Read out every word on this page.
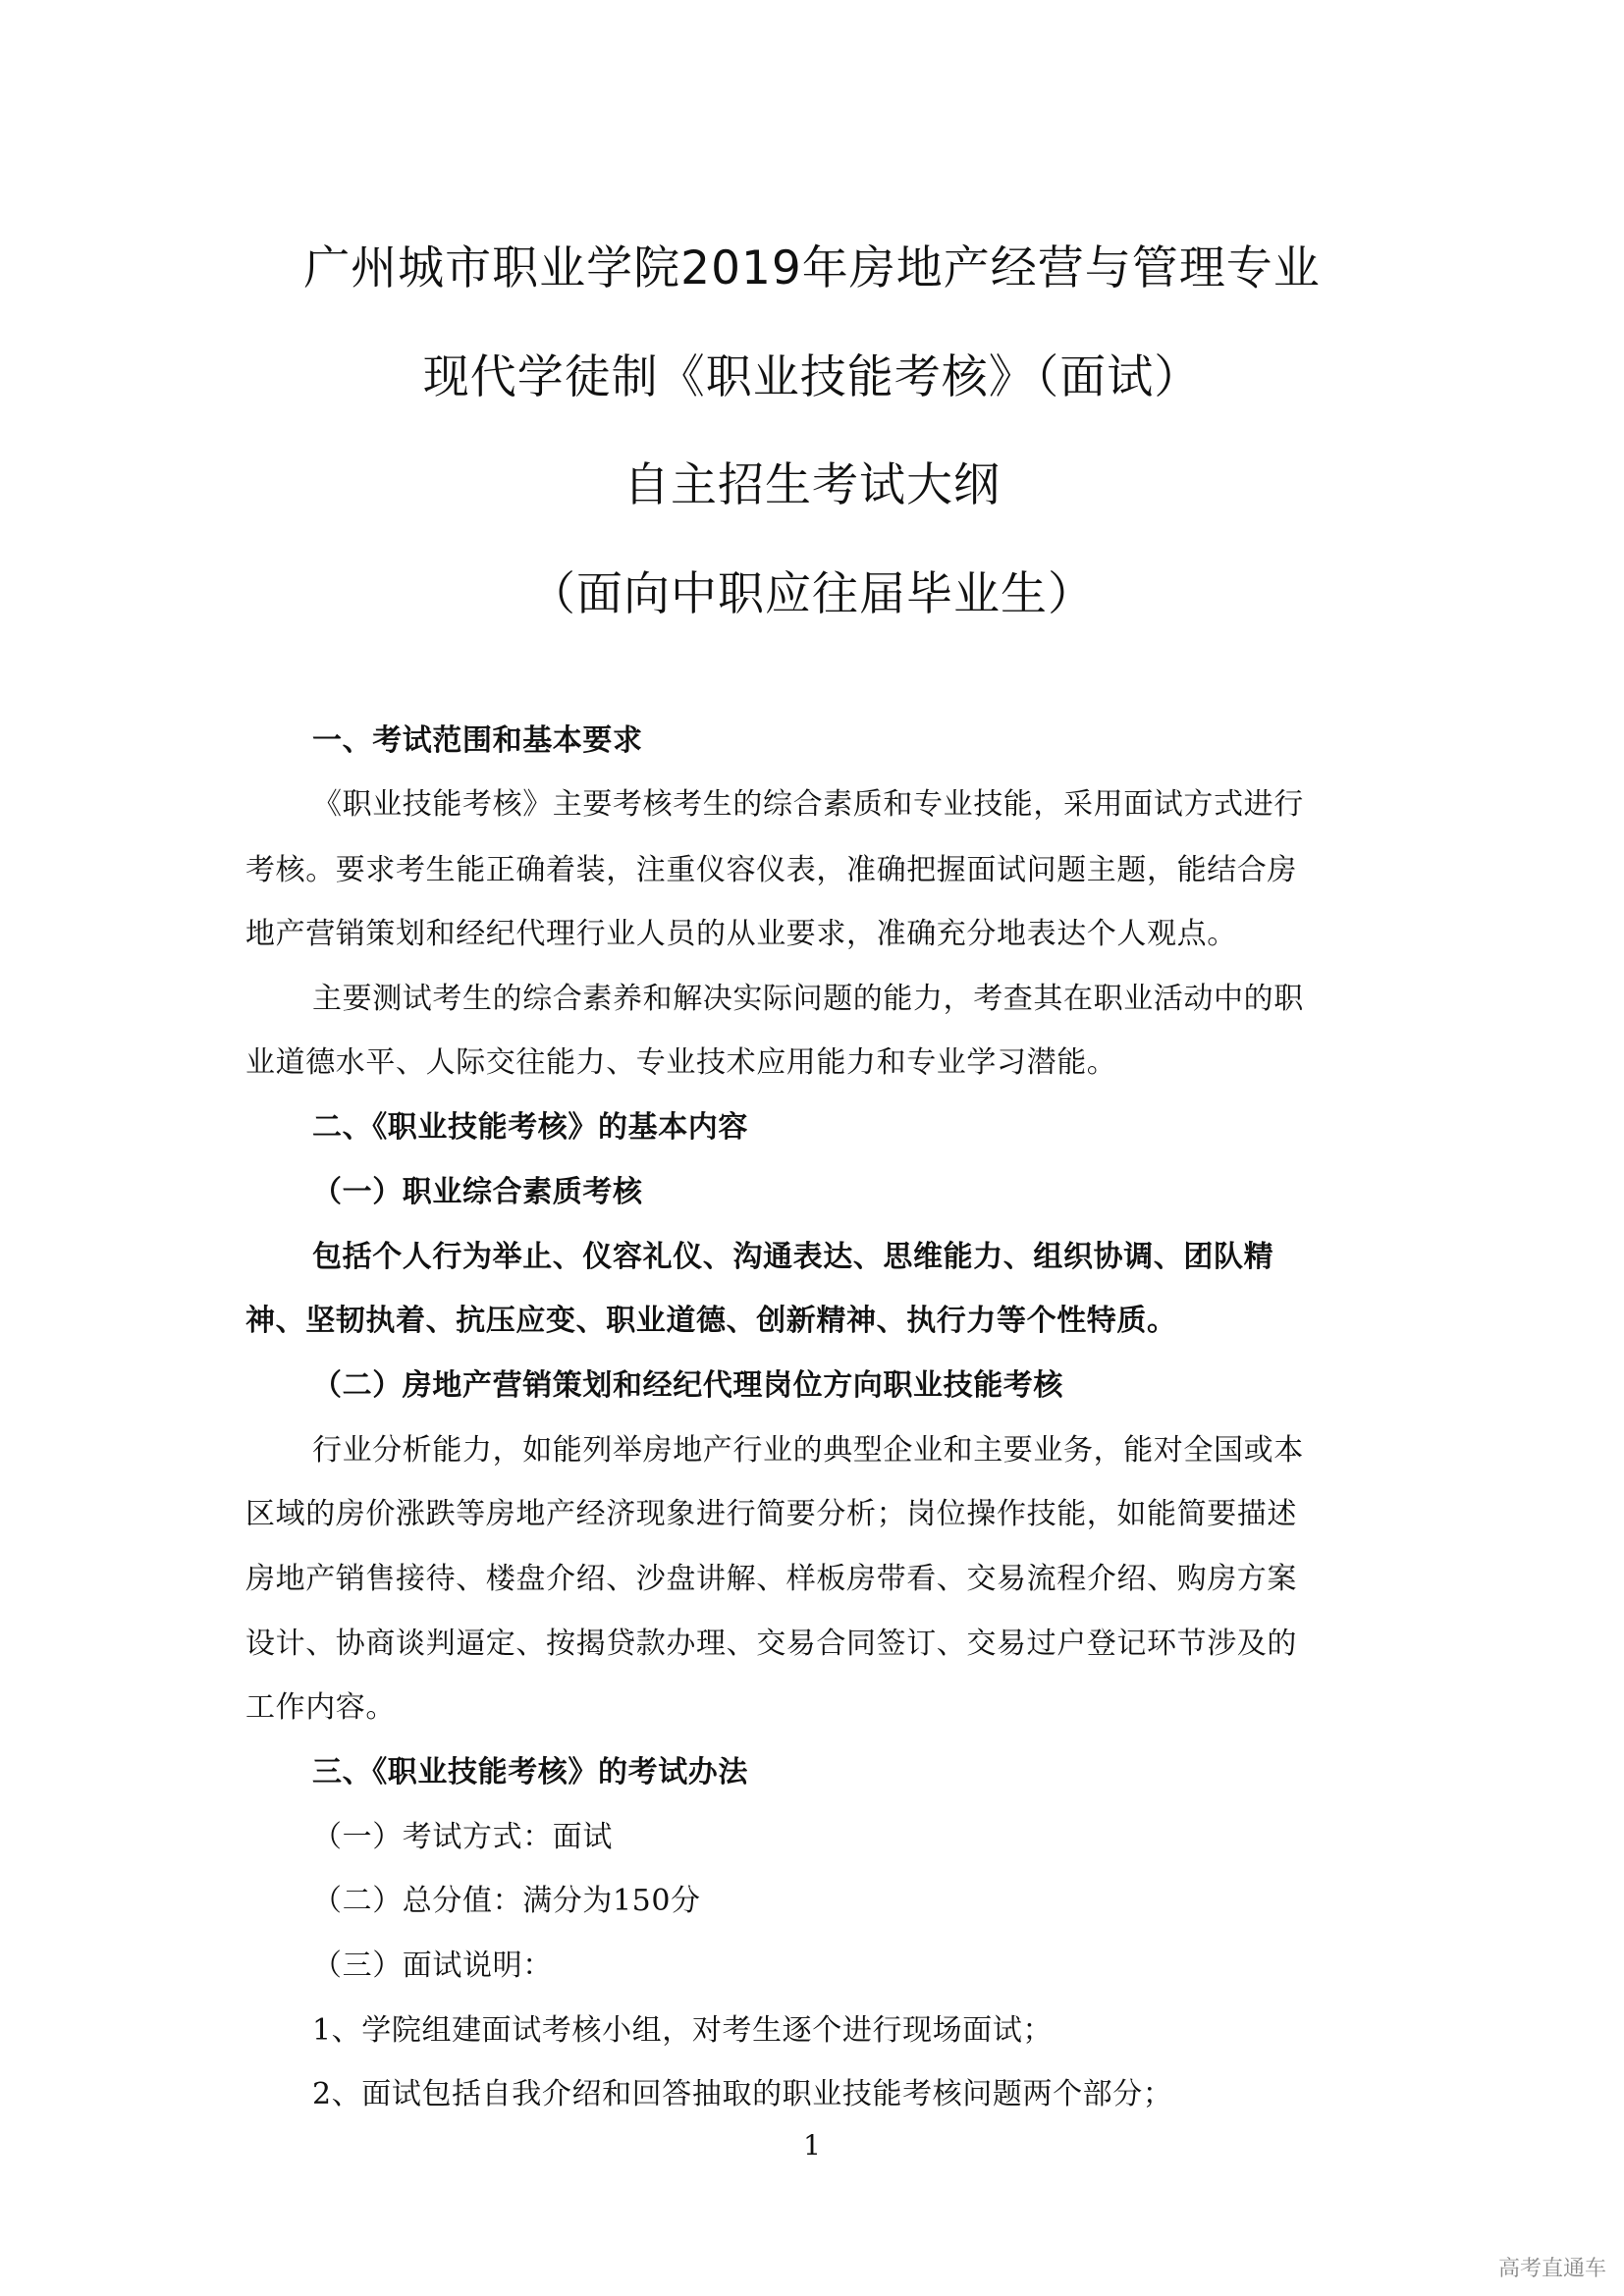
广州城市职业学院2019年房地产经营与管理专业
现代学徒制《职业技能考核》（面试）
自主招生考试大纲
（面向中职应往届毕业生）
一、考试范围和基本要求
《职业技能考核》主要考核考生的综合素质和专业技能，采用面试方式进行
考核。要求考生能正确着装，注重仪容仪表，准确把握面试问题主题，能结合房
地产营销策划和经纪代理行业人员的从业要求，准确充分地表达个人观点。
主要测试考生的综合素养和解决实际问题的能力，考查其在职业活动中的职
业道德水平、人际交往能力、专业技术应用能力和专业学习潜能。
二、《职业技能考核》的基本内容
（一）职业综合素质考核
包括个人行为举止、仪容礼仪、沟通表达、思维能力、组织协调、团队精
神、坚韧执着、抗压应变、职业道德、创新精神、执行力等个性特质。
（二）房地产营销策划和经纪代理岗位方向职业技能考核
行业分析能力，如能列举房地产行业的典型企业和主要业务，能对全国或本
区域的房价涨跌等房地产经济现象进行简要分析；岗位操作技能，如能简要描述
房地产销售接待、楼盘介绍、沙盘讲解、样板房带看、交易流程介绍、购房方案
设计、协商谈判逼定、按揭贷款办理、交易合同签订、交易过户登记环节涉及的
工作内容。
三、《职业技能考核》的考试办法
（一）考试方式：面试
（二）总分值：满分为150分
（三）面试说明：
1、学院组建面试考核小组，对考生逐个进行现场面试；
2、面试包括自我介绍和回答抽取的职业技能考核问题两个部分；
1
高考直通车
